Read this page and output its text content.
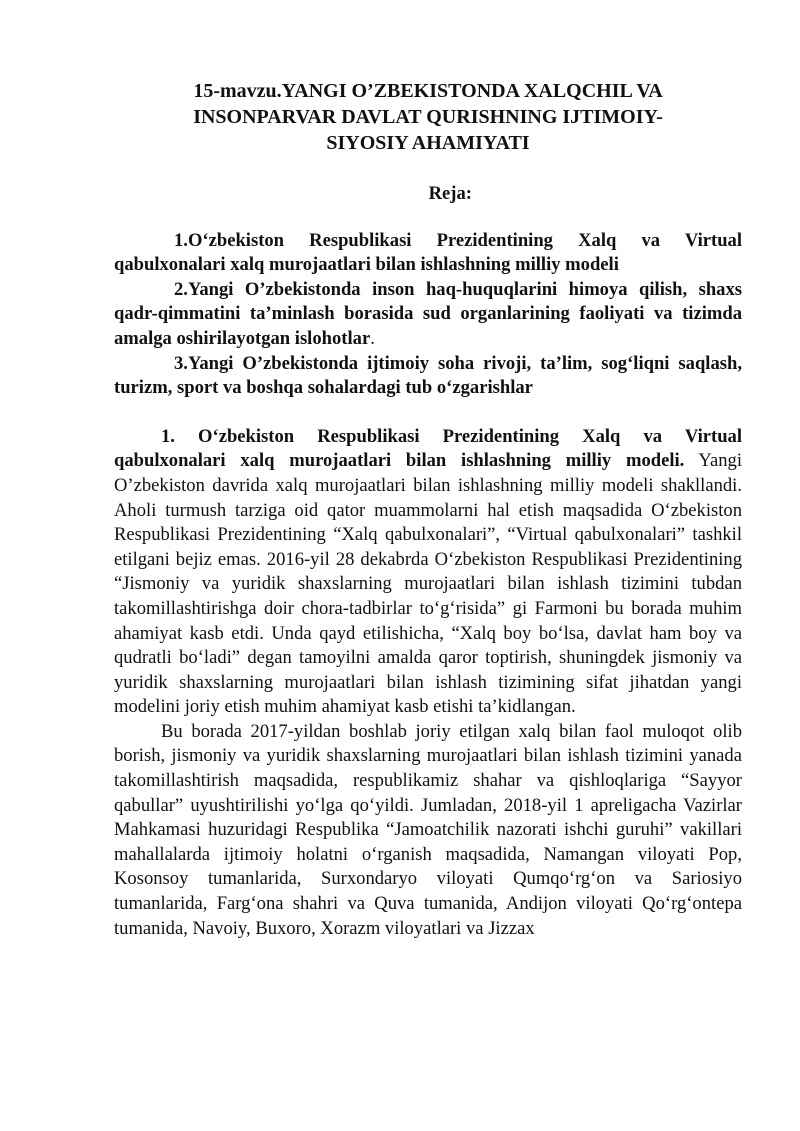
15-mavzu.YANGI O’ZBEKISTONDA XALQCHIL VA
INSONPARVAR DAVLAT QURISHNING IJTIMOIY-
SIYOSIY AHAMIYATI
Reja:

1.O‘zbekiston Respublikasi Prezidentining Xalq va Virtual qabulxonalari xalq murojaatlari bilan ishlashning milliy modeli

2.Yangi O’zbekistonda inson haq-huquqlarini himoya qilish, shaxs qadr-qimmatini ta’minlash borasida sud organlarining faoliyati va tizimda amalga oshirilayotgan islohotlar.

3.Yangi O’zbekistonda ijtimoiy soha rivoji, ta’lim, sog‘liqni saqlash, turizm, sport va boshqa sohalardagi tub o‘zgarishlar

1. O‘zbekiston Respublikasi Prezidentining Xalq va Virtual qabulxonalari xalq murojaatlari bilan ishlashning milliy modeli. Yangi O’zbekiston davrida xalq murojaatlari bilan ishlashning milliy modeli shakllandi. Aholi turmush tarziga oid qator muammolarni hal etish maqsadida O‘zbekiston Respublikasi Prezidentining “Xalq qabulxonalari”, “Virtual qabulxonalari” tashkil etilgani bejiz emas. 2016-yil 28 dekabrda O‘zbekiston Respublikasi Prezidentining “Jismoniy va yuridik shaxslarning murojaatlari bilan ishlash tizimini tubdan takomillashtirishga doir chora-tadbirlar to‘g‘risida” gi Farmoni bu borada muhim ahamiyat kasb etdi. Unda qayd etilishicha, “Xalq boy bo‘lsa, davlat ham boy va qudratli bo‘ladi” degan tamoyilni amalda qaror toptirish, shuningdek jismoniy va yuridik shaxslarning murojaatlari bilan ishlash tizimining sifat jihatdan yangi modelini joriy etish muhim ahamiyat kasb etishi ta’kidlangan.

Bu borada 2017-yildan boshlab joriy etilgan xalq bilan faol muloqot olib borish, jismoniy va yuridik shaxslarning murojaatlari bilan ishlash tizimini yanada takomillashtirish maqsadida, respublikamiz shahar va qishloqlariga “Sayyor qabullar” uyushtirilishi yo‘lga qo‘yildi. Jumladan, 2018-yil 1 apreligacha Vazirlar Mahkamasi huzuridagi Respublika “Jamoatchilik nazorati ishchi guruhi” vakillari mahallalarda ijtimoiy holatni o‘rganish maqsadida, Namangan viloyati Pop, Kosonsoy tumanlarida, Surxondaryo viloyati Qumqo‘rg‘on va Sariosiyo tumanlarida, Farg‘ona shahri va Quva tumanida, Andijon viloyati Qo‘rg‘ontepa tumanida, Navoiy, Buxoro, Xorazm viloyatlari va Jizzax
